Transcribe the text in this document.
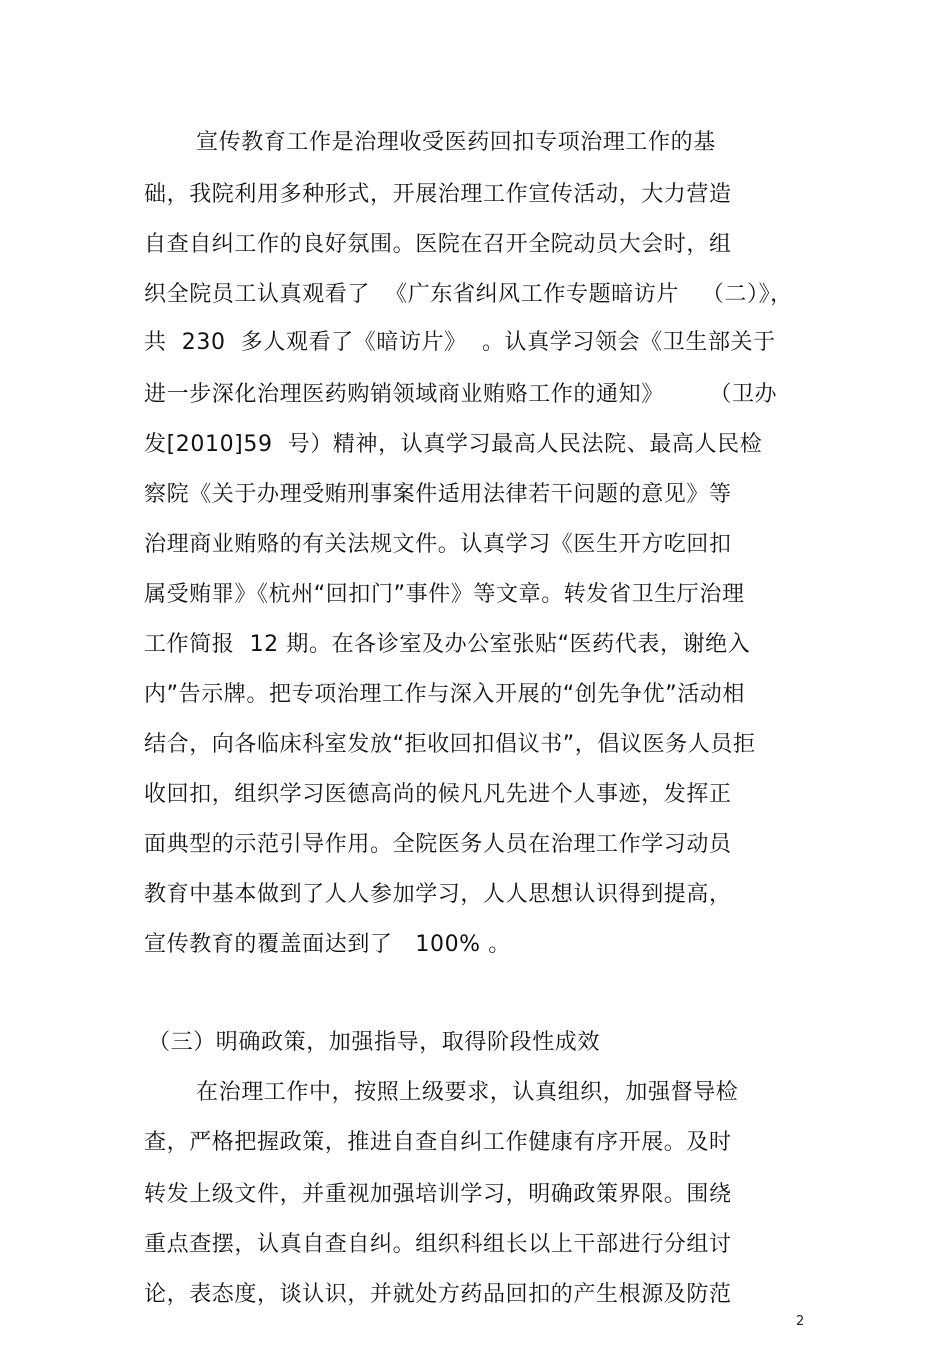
宣传教育工作是治理收受医药回扣专项治理工作的基
础，我院利用多种形式，开展治理工作宣传活动，大力营造
自查自纠工作的良好氛围。医院在召开全院动员大会时，组
织全院员工认真观看了  《广东省纠风工作专题暗访片   （二）》，
共  230  多人观看了《暗访片》  。认真学习领会《卫生部关于
进一步深化治理医药购销领域商业贿赂工作的通知》      （卫办
发[2010]59  号）精神，认真学习最高人民法院、最高人民检
察院《关于办理受贿刑事案件适用法律若干问题的意见》等
治理商业贿赂的有关法规文件。认真学习《医生开方吃回扣
属受贿罪》《杭州“回扣门”事件》等文章。转发省卫生厅治理
工作简报  12 期。在各诊室及办公室张贴“医药代表，谢绝入
内”告示牌。把专项治理工作与深入开展的“创先争优”活动相
结合，向各临床科室发放“拒收回扣倡议书”，倡议医务人员拒
收回扣，组织学习医德高尚的候凡凡先进个人事迹，发挥正
面典型的示范引导作用。全院医务人员在治理工作学习动员
教育中基本做到了人人参加学习，人人思想认识得到提高，
宣传教育的覆盖面达到了   100% 。
（三）明确政策，加强指导，取得阶段性成效
在治理工作中，按照上级要求，认真组织，加强督导检
查，严格把握政策，推进自查自纠工作健康有序开展。及时
转发上级文件，并重视加强培训学习，明确政策界限。围绕
重点查摆，认真自查自纠。组织科组长以上干部进行分组讨
论，表态度，谈认识，并就处方药品回扣的产生根源及防范
2
